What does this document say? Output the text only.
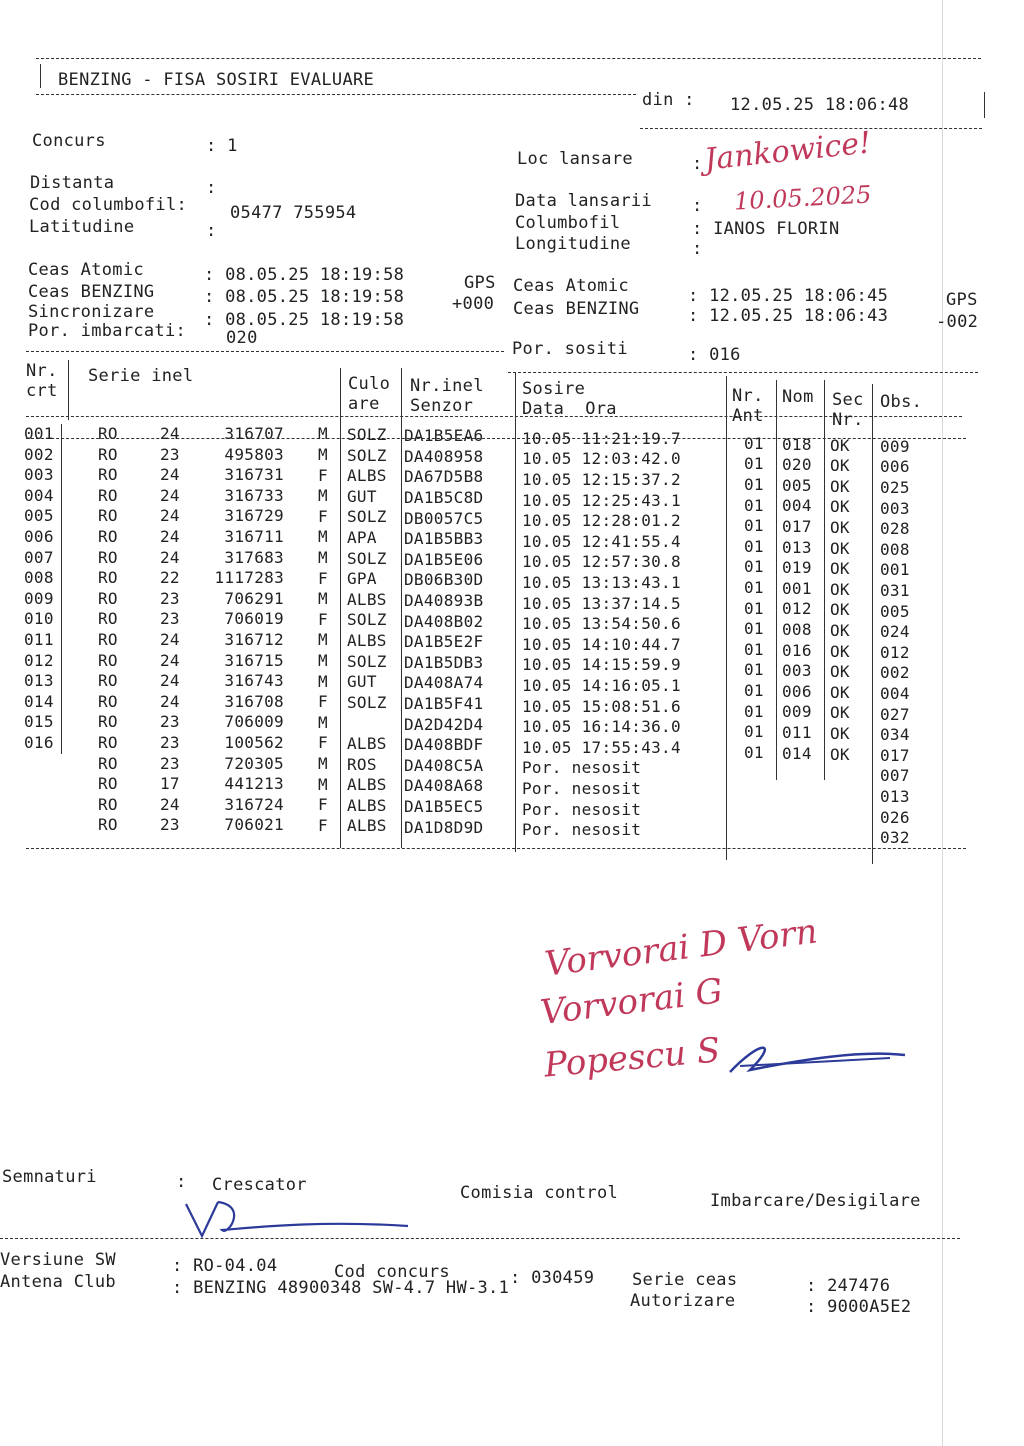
BENZING - FISA SOSIRI EVALUARE
din : 12.05.25 18:06:48
Concurs	: 1
Distanta	:
Cod columbofil:	05477 755954
Latitudine	:
Loc lansare	: Jankowice!
Data lansarii : 10.05.2025
Columbofil	: IANOS FLORIN
Longitudine	:
Ceas Atomic	: 08.05.25 18:19:58	GPS
Ceas BENZING	: 08.05.25 18:19:58	+000
Sincronizare	: 08.05.25 18:19:58
Por. imbarcati: 020
Ceas Atomic	: 12.05.25 18:06:45	GPS
Ceas BENZING	: 12.05.25 18:06:43	-002
Por. sositi	: 016
Nr.
crt
Serie inel	Culo
are
Nr.inel
Senzor
Sosire
Data  Ora
Nr.
Ant
Nom Sec
Nr.
Obs.
001	RO	24	316707 M SOLZ DA1B5EA6 10.05 11:21:19.7	01 018 OK 009
002	RO	23	495803 M SOLZ DA408958 10.05 12:03:42.0	01 020 OK 006
003	RO	24	316731 F ALBS DA67D5B8 10.05 12:15:37.2	01 005 OK 025
004	RO	24	316733 M GUT DA1B5C8D 10.05 12:25:43.1	01 004 OK 003
005	RO	24	316729 F SOLZ DB0057C5 10.05 12:28:01.2	01 017 OK 028
006	RO	24	316711 M APA DA1B5BB3 10.05 12:41:55.4	01 013 OK 008
007	RO	24	317683 M SOLZ DA1B5E06 10.05 12:57:30.8	01 019 OK 001
008	RO	22	1117283 F GPA DB06B30D 10.05 13:13:43.1	01 001 OK 031
009	RO	23	706291 M ALBS DA40893B 10.05 13:37:14.5	01 012 OK 005
010	RO	23	706019 F SOLZ DA408B02 10.05 13:54:50.6	01 008 OK 024
011	RO	24	316712 M ALBS DA1B5E2F 10.05 14:10:44.7	01 016 OK 012
012	RO	24	316715 M SOLZ DA1B5DB3 10.05 14:15:59.9	01 003 OK 002
013	RO	24	316743 M GUT DA408A74 10.05 14:16:05.1	01 006 OK 004
014	RO	24	316708 F SOLZ DA1B5F41 10.05 15:08:51.6	01 009 OK 027
015	RO	23	706009 M	DA2D42D4 10.05 16:14:36.0	01 011 OK 034
016	RO	23	100562 F ALBS DA408BDF 10.05 17:55:43.4	01 014 OK 017
RO	23	720305 M ROS DA408C5A Por. nesosit	007
RO	17	441213 M ALBS DA408A68 Por. nesosit	013
RO	24	316724 F ALBS DA1B5EC5 Por. nesosit	026
RO	23	706021 F ALBS DA1D8D9D Por. nesosit	032
Vorvorai D Vorn
Vorvorai G
Popescu S
Semnaturi	: Crescator	Comisia control	Imbarcare/Desigilare
Versiune SW	: RO-04.04	Cod concurs	: 030459 Serie ceas	: 247476
Antena Club	: BENZING 48900348 SW-4.7 HW-3.1
Autorizare	: 9000A5E2
